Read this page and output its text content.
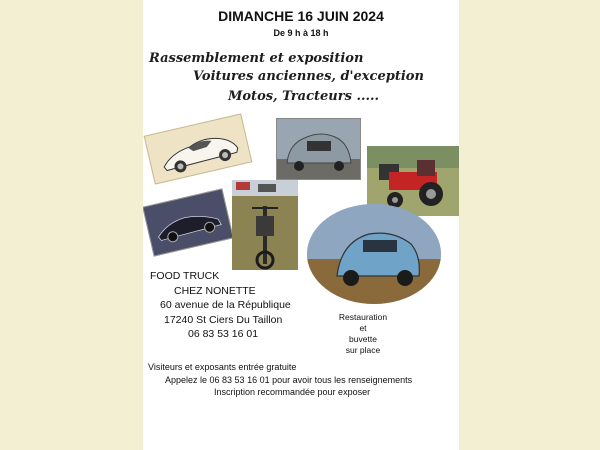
DIMANCHE 16 JUIN 2024
De 9 h à 18 h
Rassemblement et exposition
Voitures anciennes, d'exception
Motos, Tracteurs .....
FOOD TRUCK
CHEZ NONETTE
60 avenue de la République
17240 St Ciers Du Taillon
06 83 53 16 01
Restauration
et
buvette
sur place
Visiteurs et exposants entrée gratuite
Appelez le 06 83 53 16 01 pour avoir tous les renseignements
Inscription recommandée pour exposer
